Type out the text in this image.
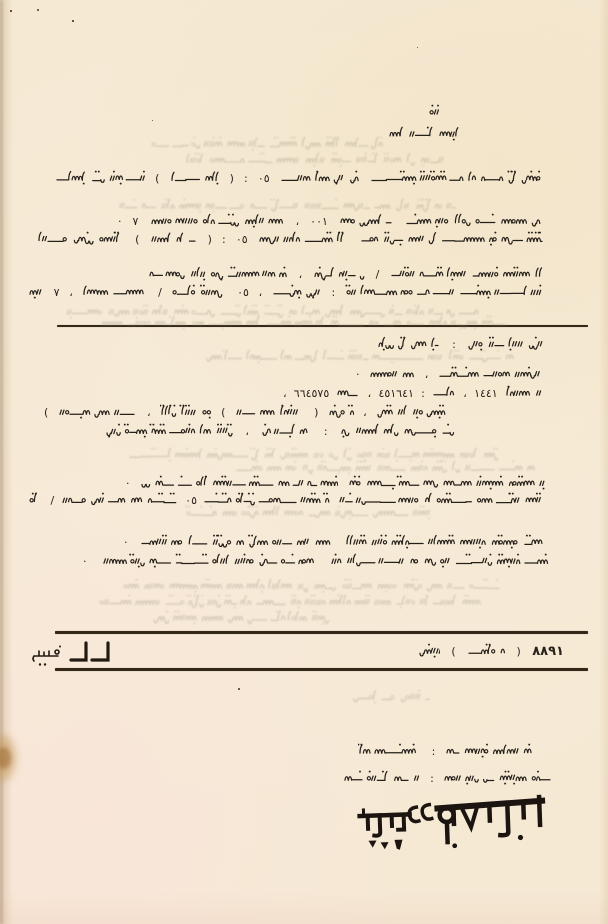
(	) : ٠٥
· ٧	، ٠٠١
(	) : ٠٥
،	/
٧ ،	/	٠٥ ،	:
:
·	،
، ٦٦٤٥٧٥	، ٤٥١٦٤١ :	، ١٤٤١
(	،	(	)	،
،	:
·
/	٠٥
·
·
:
:
(	) ٨٨٩١
